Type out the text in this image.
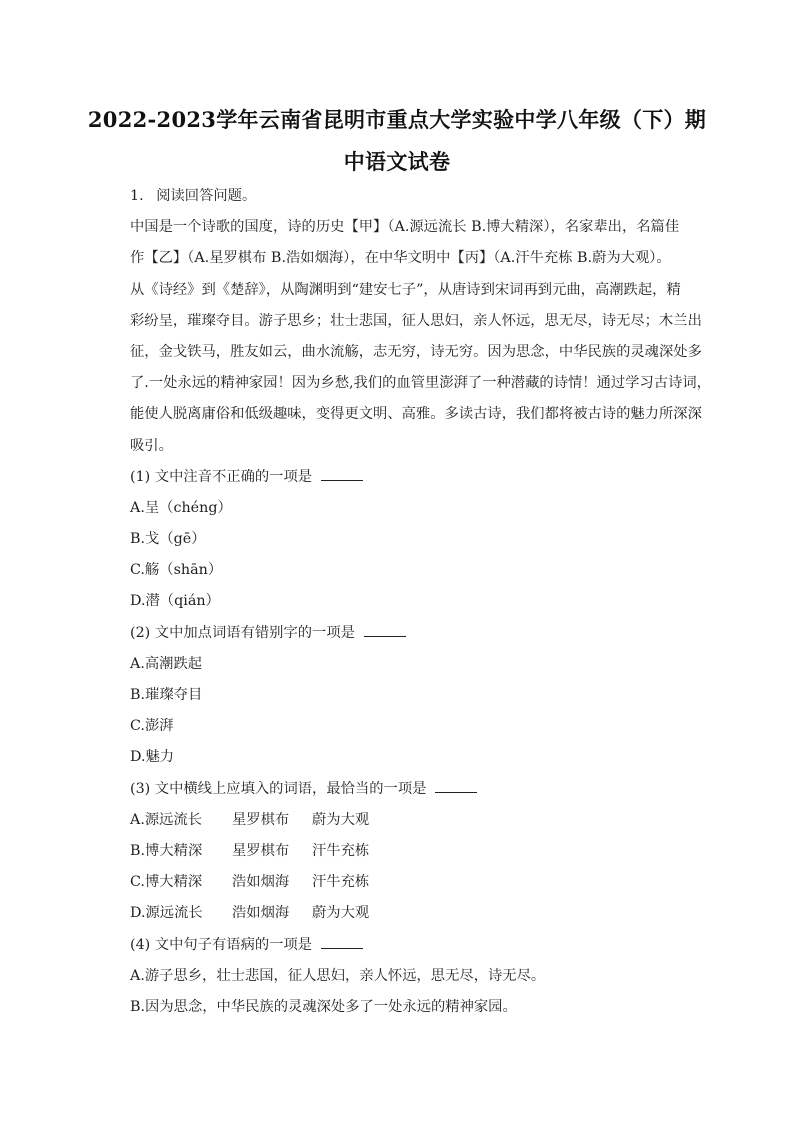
2022-2023学年云南省昆明市重点大学实验中学八年级（下）期
中语文试卷
1. 阅读回答问题。
中国是一个诗歌的国度，诗的历史【甲】（A.源远流长 B.博大精深），名家辈出，名篇佳
作【乙】（A.星罗棋布 B.浩如烟海），在中华文明中【丙】（A.汗牛充栋 B.蔚为大观）。
从《诗经》到《楚辞》，从陶渊明到“建安七子”，从唐诗到宋词再到元曲，高潮跌起，精
彩纷呈，璀璨夺目。游子思乡；壮士悲国，征人思妇，亲人怀远，思无尽，诗无尽；木兰出
征，金戈铁马，胜友如云，曲水流觞，志无穷，诗无穷。因为思念，中华民族的灵魂深处多
了.一处永远的精神家园！因为乡愁,我们的血管里澎湃了一种潜藏的诗情！通过学习古诗词，
能使人脱离庸俗和低级趣味，变得更文明、高雅。多读古诗，我们都将被古诗的魅力所深深
吸引。
(1) 文中注音不正确的一项是
A.呈（chéng）
B.戈（gē）
C.觞（shān）
D.潜（qián）
(2) 文中加点词语有错别字的一项是
A.高潮跌起
B.璀璨夺目
C.澎湃
D.魅力
(3) 文中横线上应填入的词语，最恰当的一项是
A.源远流长 星罗棋布 蔚为大观
B.博大精深 星罗棋布 汗牛充栋
C.博大精深 浩如烟海 汗牛充栋
D.源远流长 浩如烟海 蔚为大观
(4) 文中句子有语病的一项是
A.游子思乡，壮士悲国，征人思妇，亲人怀远，思无尽，诗无尽。
B.因为思念，中华民族的灵魂深处多了一处永远的精神家园。
